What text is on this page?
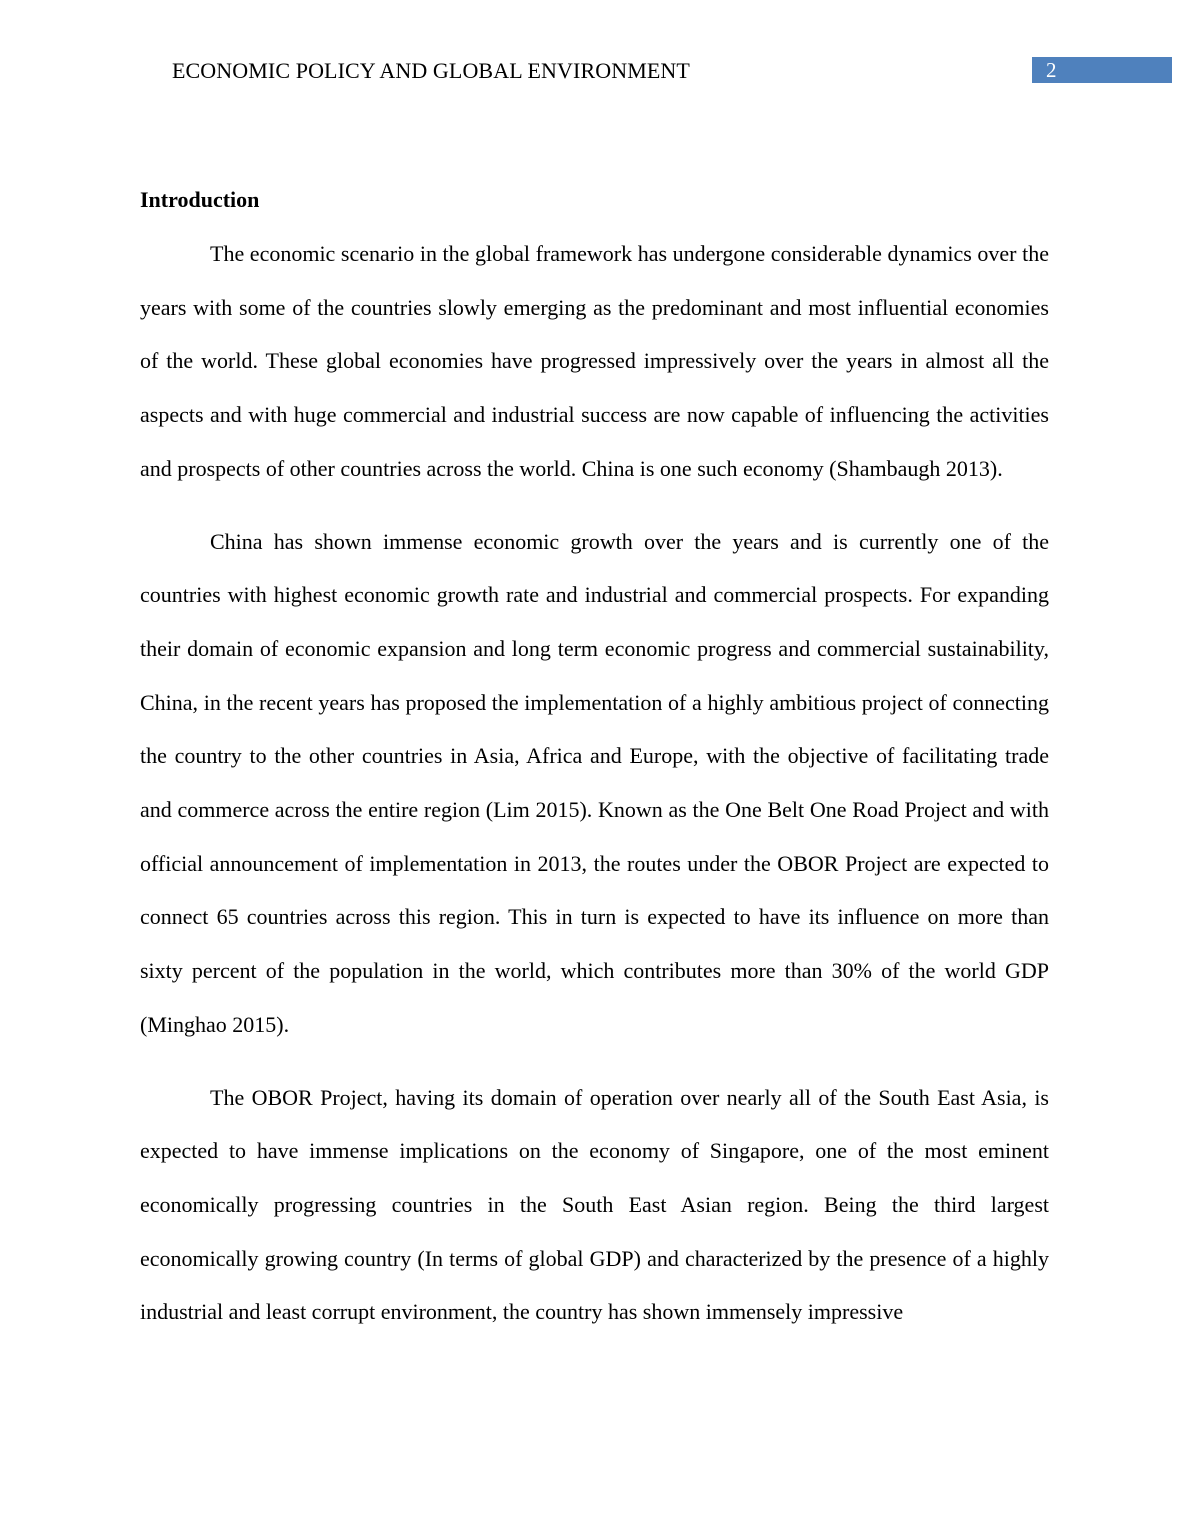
ECONOMIC POLICY AND GLOBAL ENVIRONMENT	2
Introduction

The economic scenario in the global framework has undergone considerable dynamics over the years with some of the countries slowly emerging as the predominant and most influential economies of the world. These global economies have progressed impressively over the years in almost all the aspects and with huge commercial and industrial success are now capable of influencing the activities and prospects of other countries across the world. China is one such economy (Shambaugh 2013).

China has shown immense economic growth over the years and is currently one of the countries with highest economic growth rate and industrial and commercial prospects. For expanding their domain of economic expansion and long term economic progress and commercial sustainability, China, in the recent years has proposed the implementation of a highly ambitious project of connecting the country to the other countries in Asia, Africa and Europe, with the objective of facilitating trade and commerce across the entire region (Lim 2015). Known as the One Belt One Road Project and with official announcement of implementation in 2013, the routes under the OBOR Project are expected to connect 65 countries across this region. This in turn is expected to have its influence on more than sixty percent of the population in the world, which contributes more than 30% of the world GDP (Minghao 2015).

The OBOR Project, having its domain of operation over nearly all of the South East Asia, is expected to have immense implications on the economy of Singapore, one of the most eminent economically progressing countries in the South East Asian region. Being the third largest economically growing country (In terms of global GDP) and characterized by the presence of a highly industrial and least corrupt environment, the country has shown immensely impressive
